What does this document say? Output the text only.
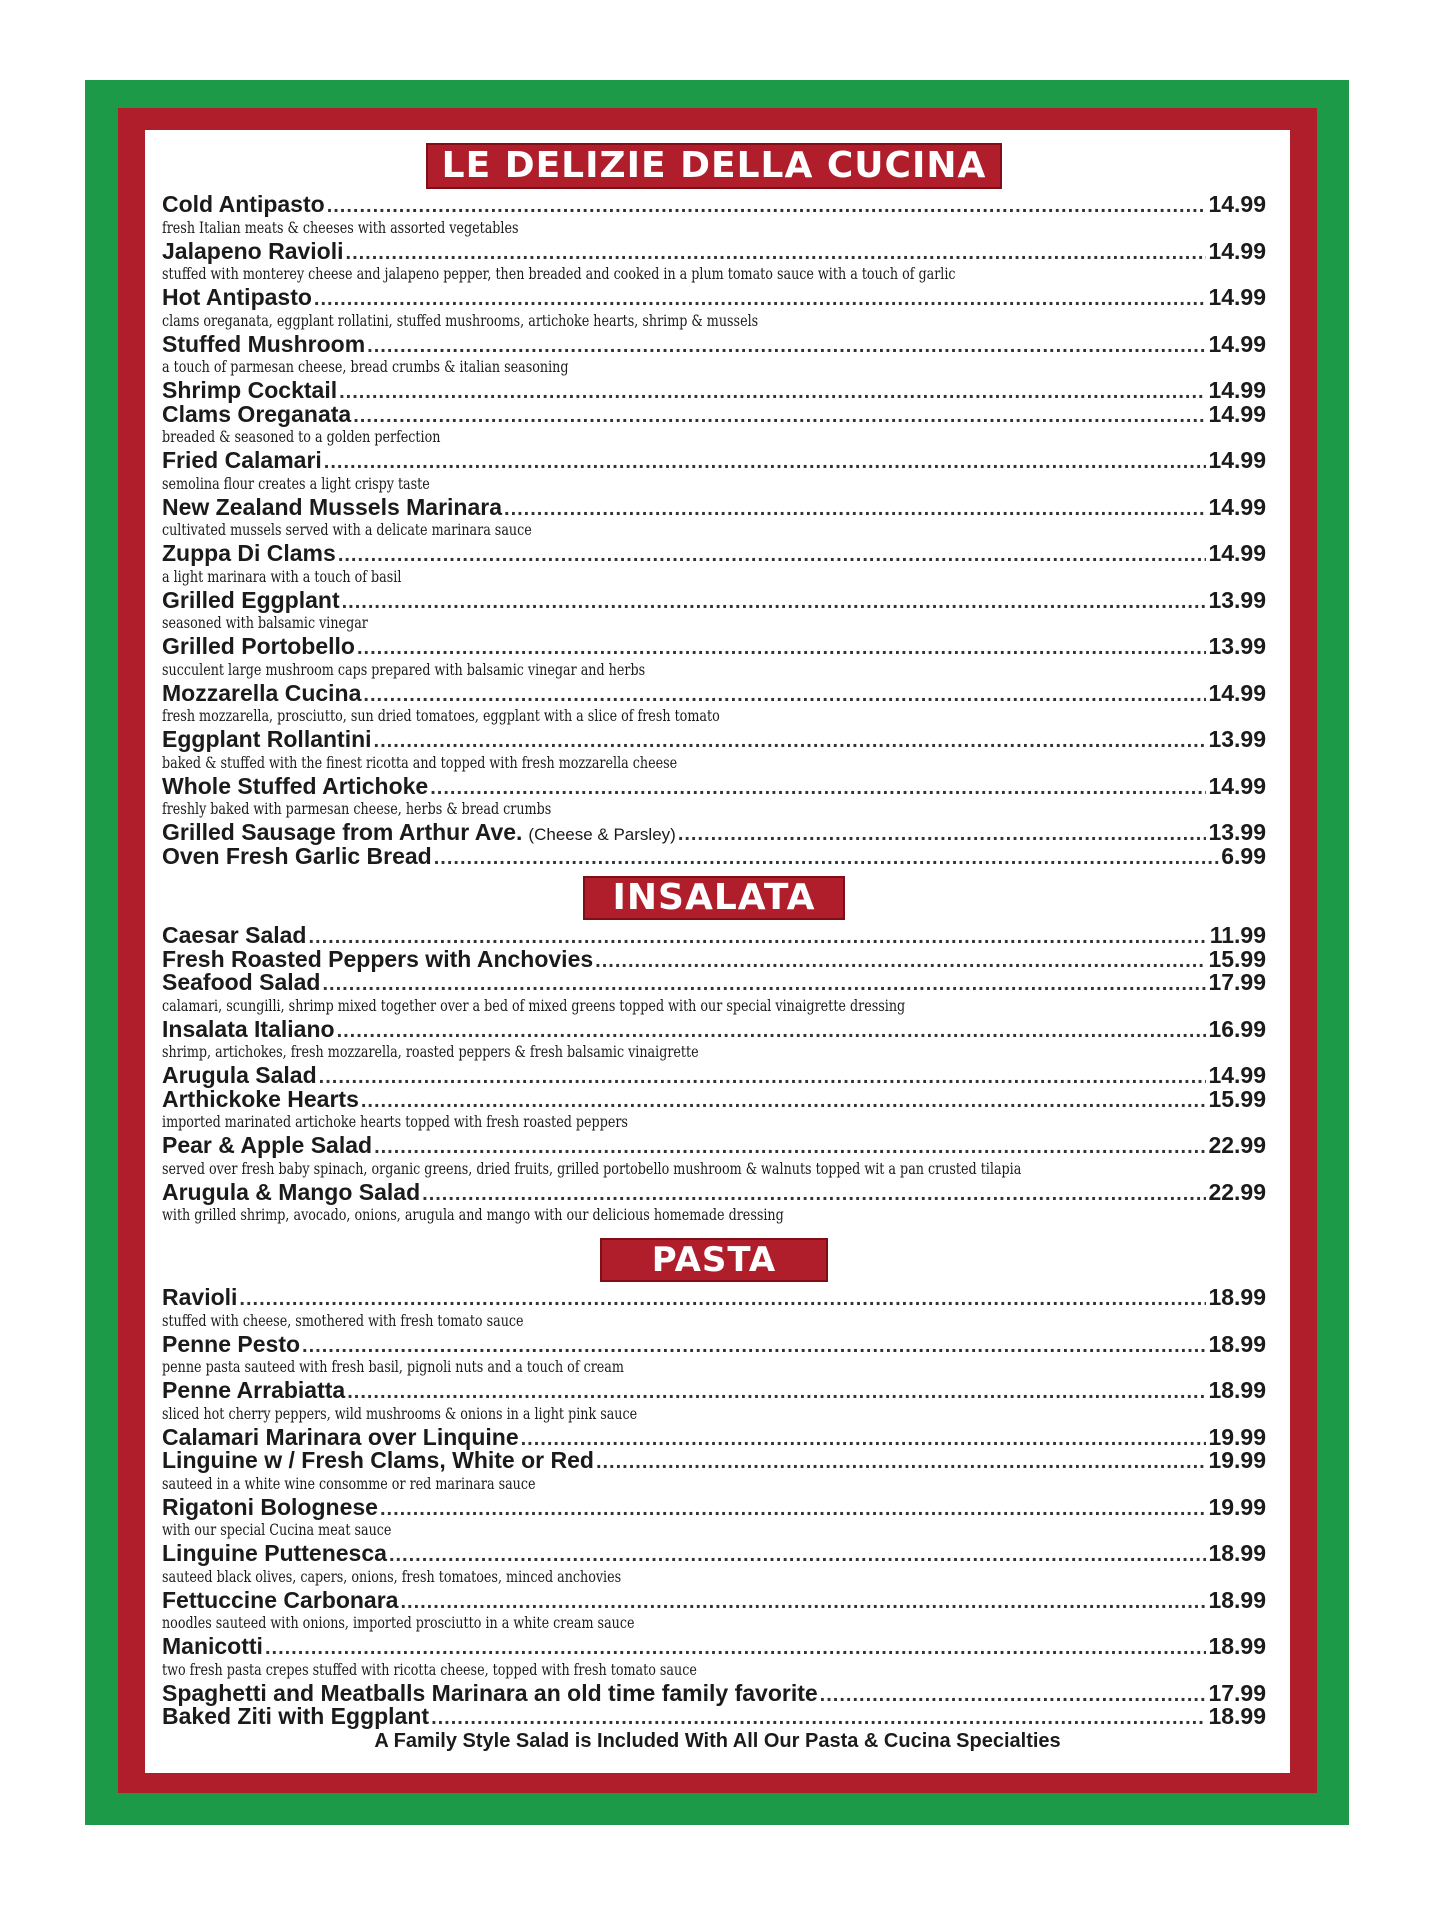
LE DELIZIE DELLA CUCINA
Cold Antipasto .....	14.99
fresh Italian meats & cheeses with assorted vegetables
Jalapeno Ravioli .....	14.99
stuffed with monterey cheese and jalapeno pepper, then breaded and cooked in a plum tomato sauce with a touch of garlic
Hot Antipasto .....	14.99
clams oreganata, eggplant rollatini, stuffed mushrooms, artichoke hearts, shrimp & mussels
Stuffed Mushroom .....	14.99
a touch of parmesan cheese, bread crumbs & italian seasoning
Shrimp Cocktail .....	14.99
Clams Oreganata .....	14.99
breaded & seasoned to a golden perfection
Fried Calamari .....	14.99
semolina flour creates a light crispy taste
New Zealand Mussels Marinara .....	14.99
cultivated mussels served with a delicate marinara sauce
Zuppa Di Clams .....	14.99
a light marinara with a touch of basil
Grilled Eggplant .....	13.99
seasoned with balsamic vinegar
Grilled Portobello .....	13.99
succulent large mushroom caps prepared with balsamic vinegar and herbs
Mozzarella Cucina .....	14.99
fresh mozzarella, prosciutto, sun dried tomatoes, eggplant with a slice of fresh tomato
Eggplant Rollantini .....	13.99
baked & stuffed with the finest ricotta and topped with fresh mozzarella cheese
Whole Stuffed Artichoke .....	14.99
freshly baked with parmesan cheese, herbs & bread crumbs
Grilled Sausage from Arthur Ave. (Cheese & Parsley) .....	13.99
Oven Fresh Garlic Bread .....	6.99
INSALATA
Caesar Salad .....	11.99
Fresh Roasted Peppers with Anchovies .....	15.99
Seafood Salad .....	17.99
calamari, scungilli, shrimp mixed together over a bed of mixed greens topped with our special vinaigrette dressing
Insalata Italiano .....	16.99
shrimp, artichokes, fresh mozzarella, roasted peppers & fresh balsamic vinaigrette
Arugula Salad .....	14.99
Arthickoke Hearts .....	15.99
imported marinated artichoke hearts topped with fresh roasted peppers
Pear & Apple Salad .....	22.99
served over fresh baby spinach, organic greens, dried fruits, grilled portobello mushroom & walnuts topped wit a pan crusted tilapia
Arugula & Mango Salad .....	22.99
with grilled shrimp, avocado, onions, arugula and mango with our delicious homemade dressing
PASTA
Ravioli .....	18.99
stuffed with cheese, smothered with fresh tomato sauce
Penne Pesto .....	18.99
penne pasta sauteed with fresh basil, pignoli nuts and a touch of cream
Penne Arrabiatta .....	18.99
sliced hot cherry peppers, wild mushrooms & onions in a light pink sauce
Calamari Marinara over Linquine .....	19.99
Linguine w / Fresh Clams, White or Red .....	19.99
sauteed in a white wine consomme or red marinara sauce
Rigatoni Bolognese .....	19.99
with our special Cucina meat sauce
Linguine Puttenesca .....	18.99
sauteed black olives, capers, onions, fresh tomatoes, minced anchovies
Fettuccine Carbonara .....	18.99
noodles sauteed with onions, imported prosciutto in a white cream sauce
Manicotti .....	18.99
two fresh pasta crepes stuffed with ricotta cheese, topped with fresh tomato sauce
Spaghetti and Meatballs Marinara an old time family favorite .....	17.99
Baked Ziti with Eggplant .....	18.99
A Family Style Salad is Included With All Our Pasta & Cucina Specialties
